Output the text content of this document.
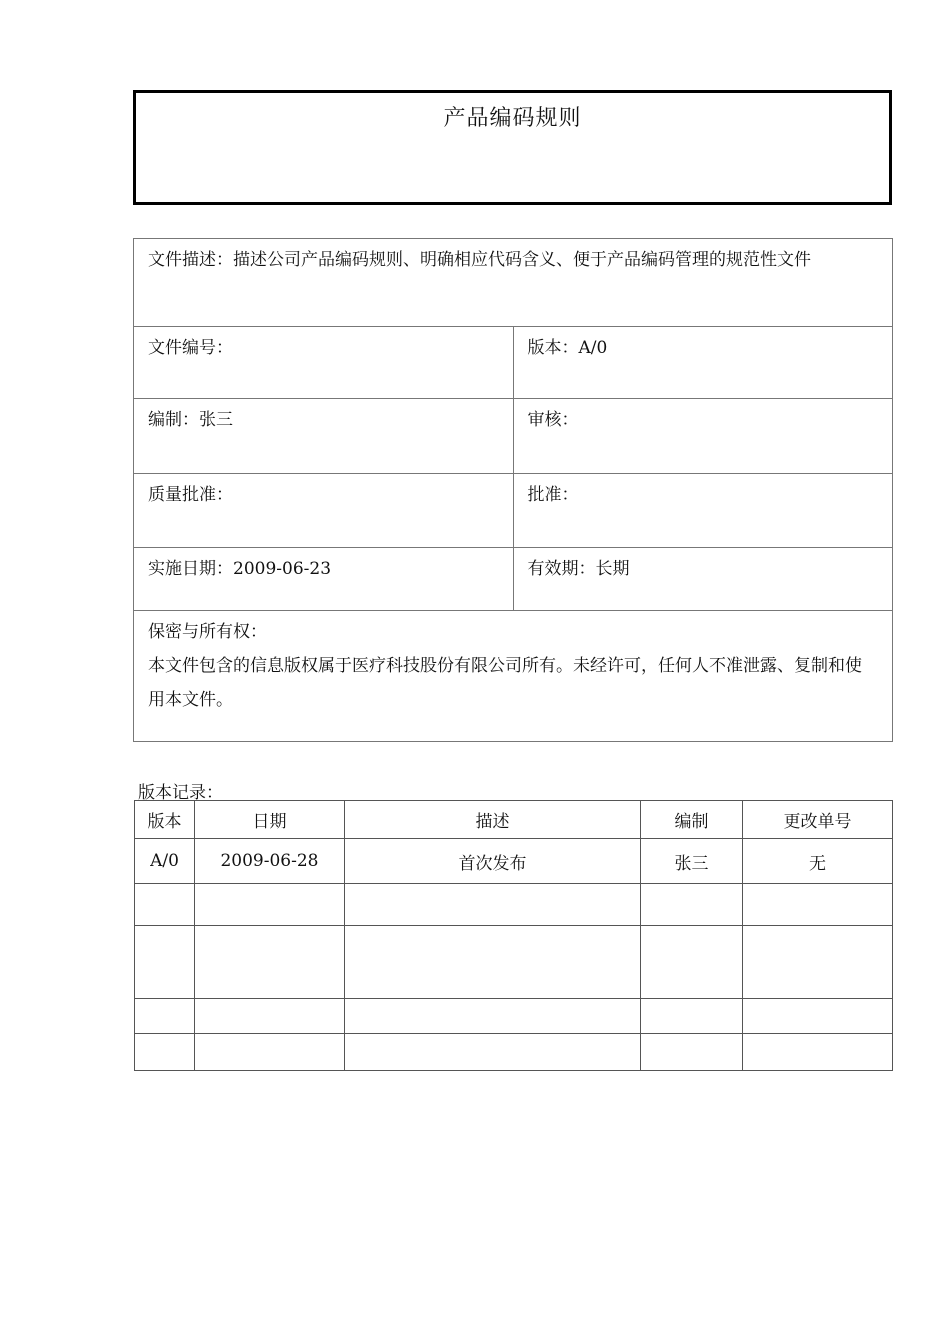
产品编码规则
文件描述：描述公司产品编码规则、明确相应代码含义、便于产品编码管理的规范性文件	
文件编号：	版本：A/0
编制：张三	审核：
质量批准：	批准：
实施日期：2009-06-23	有效期：长期

保密与所有权：
本文件包含的信息版权属于医疗科技股份有限公司所有。未经许可，任何人不准泄露、复制和使用本文件。	
版本记录：
版本	日期	描述	编制	更改单号
A/0	2009-06-28	首次发布	张三	无
